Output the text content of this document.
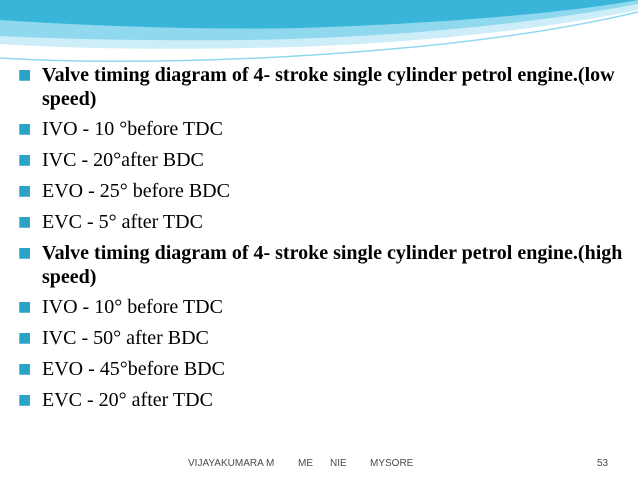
■ Valve timing diagram of 4- stroke single cylinder petrol engine.(low speed)
■ IVO - 10 °before TDC
■ IVC - 20°after BDC
■ EVO - 25° before BDC
■ EVC - 5° after TDC
■ Valve timing diagram of 4- stroke single cylinder petrol engine.(high speed)
■ IVO - 10° before TDC
■ IVC - 50° after BDC
■ EVO - 45°before BDC
■ EVC - 20° after TDC
VIJAYAKUMARA M ME NIE MYSORE	53
